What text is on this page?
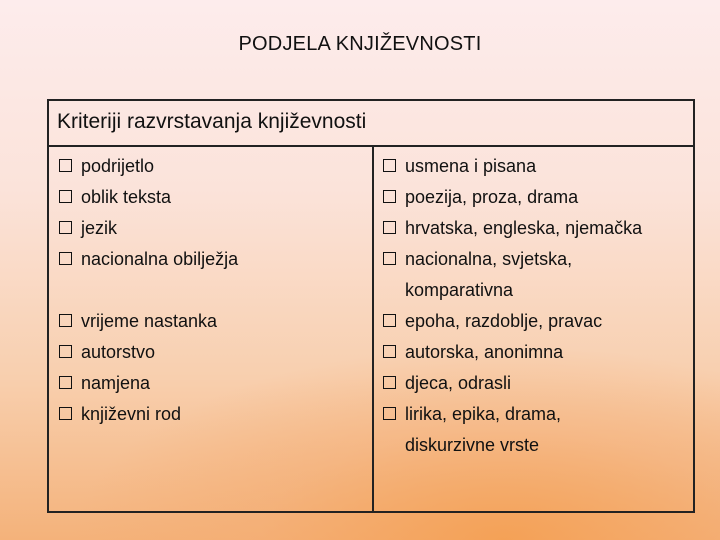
PODJELA KNJIŽEVNOSTI
Kriteriji razvrstavanja književnosti
podrijetlo
oblik teksta
jezik
nacionalna obilježja
vrijeme nastanka
autorstvo
namjena
književni rod
usmena i pisana
poezija, proza, drama
hrvatska, engleska, njemačka
nacionalna, svjetska,
komparativna
epoha, razdoblje, pravac
autorska, anonimna
djeca, odrasli
lirika, epika, drama,
diskurzivne vrste
